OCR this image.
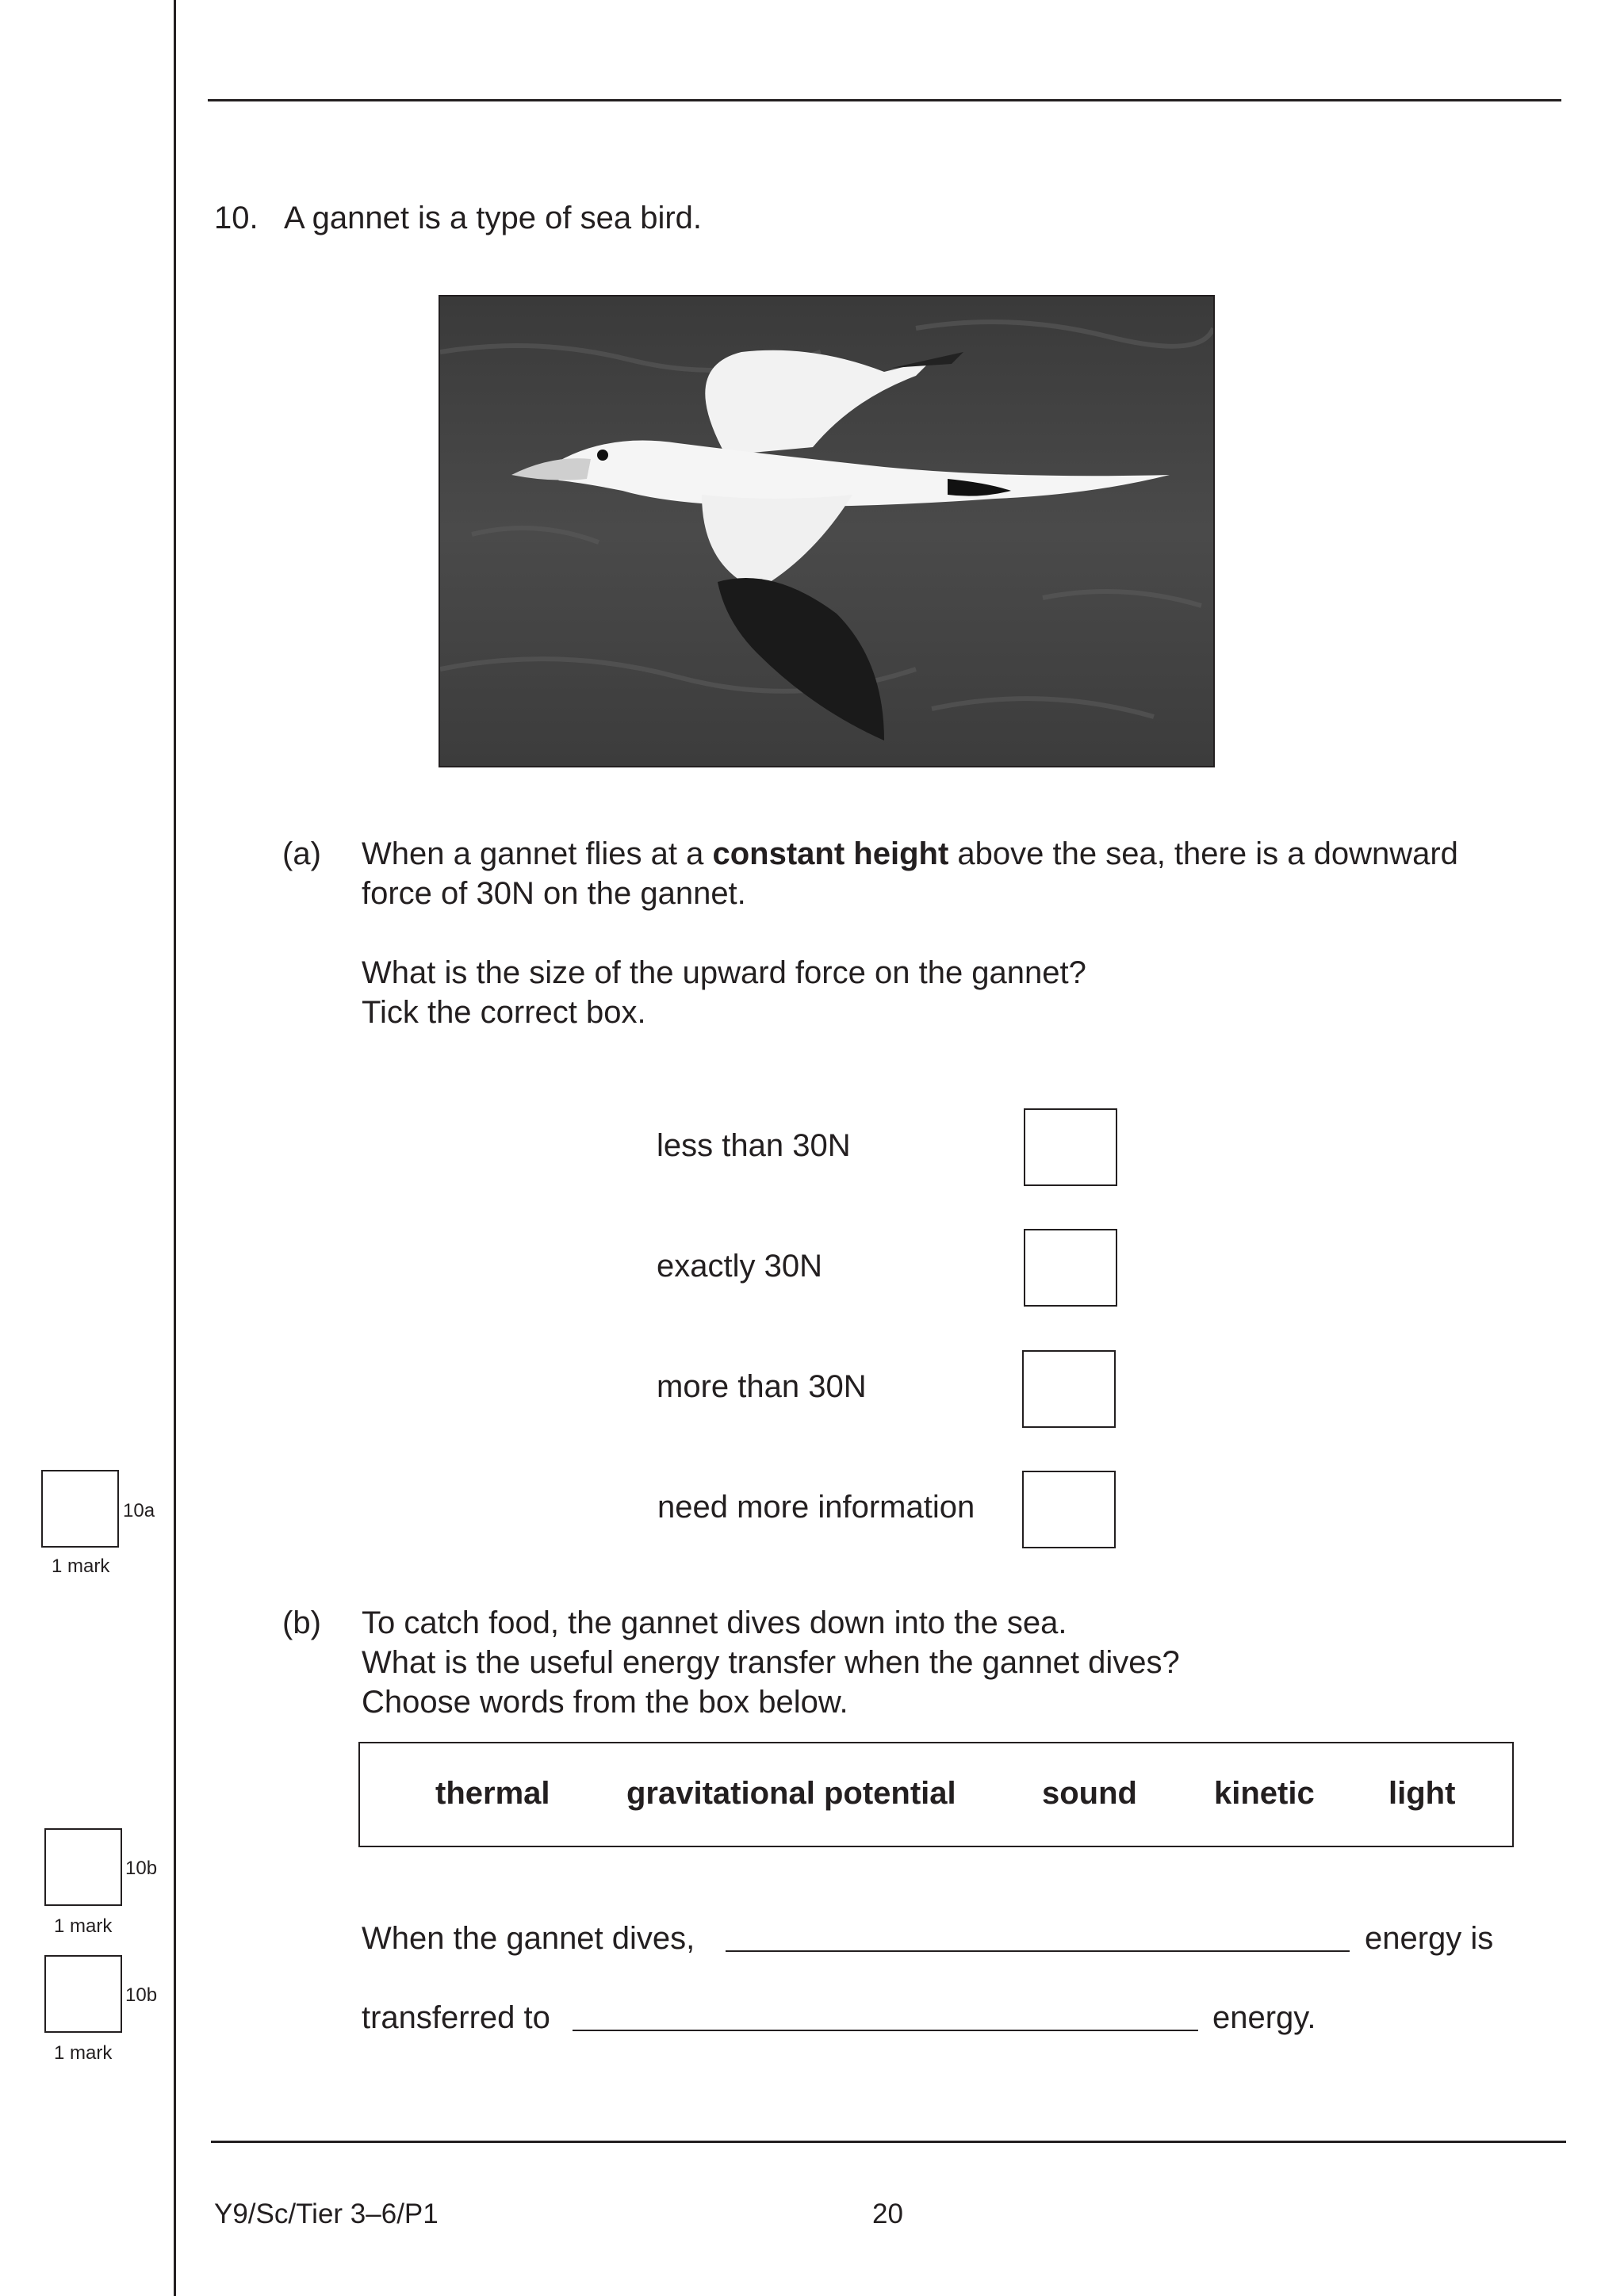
10. A gannet is a type of sea bird.
(a) When a gannet flies at a constant height above the sea, there is a downward
force of 30N on the gannet.
What is the size of the upward force on the gannet?
Tick the correct box.
less than 30N
exactly 30N
more than 30N
need more information
10a
1 mark
10b
1 mark
10b
1 mark
(b) To catch food, the gannet dives down into the sea.
What is the useful energy transfer when the gannet dives?
Choose words from the box below.
thermal gravitational potential	sound kinetic light
When the gannet dives,	energy is
transferred to	energy.
Y9/Sc/Tier 3–6/P1	20
